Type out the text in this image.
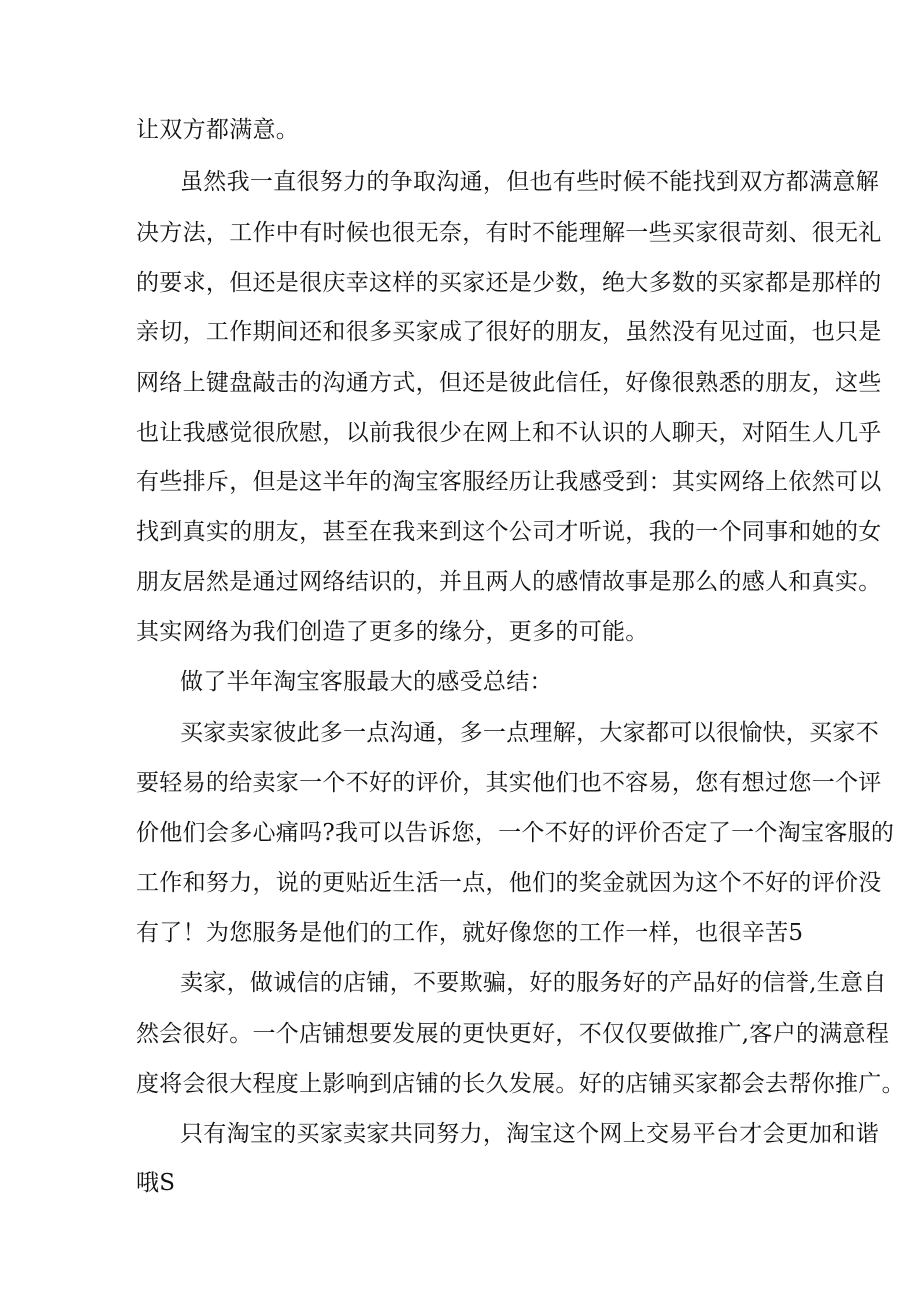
让双方都满意。
虽然我一直很努力的争取沟通，但也有些时候不能找到双方都满意解
决方法，工作中有时候也很无奈，有时不能理解一些买家很苛刻、很无礼
的要求，但还是很庆幸这样的买家还是少数，绝大多数的买家都是那样的
亲切，工作期间还和很多买家成了很好的朋友，虽然没有见过面，也只是
网络上键盘敲击的沟通方式，但还是彼此信任，好像很熟悉的朋友，这些
也让我感觉很欣慰，以前我很少在网上和不认识的人聊天，对陌生人几乎
有些排斥，但是这半年的淘宝客服经历让我感受到：其实网络上依然可以
找到真实的朋友，甚至在我来到这个公司才听说，我的一个同事和她的女
朋友居然是通过网络结识的，并且两人的感情故事是那么的感人和真实。
其实网络为我们创造了更多的缘分，更多的可能。
做了半年淘宝客服最大的感受总结：
买家卖家彼此多一点沟通，多一点理解，大家都可以很愉快，买家不
要轻易的给卖家一个不好的评价，其实他们也不容易，您有想过您一个评
价他们会多心痛吗?我可以告诉您，一个不好的评价否定了一个淘宝客服的
工作和努力，说的更贴近生活一点，他们的奖金就因为这个不好的评价没
有了！为您服务是他们的工作，就好像您的工作一样，也很辛苦5
卖家，做诚信的店铺，不要欺骗，好的服务好的产品好的信誉,生意自
然会很好。一个店铺想要发展的更快更好，不仅仅要做推广,客户的满意程
度将会很大程度上影响到店铺的长久发展。好的店铺买家都会去帮你推广。
只有淘宝的买家卖家共同努力，淘宝这个网上交易平台才会更加和谐
哦S
